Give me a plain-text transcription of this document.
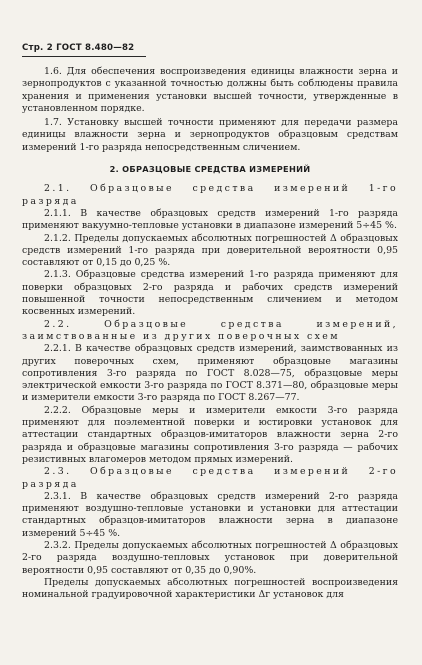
Стр. 2 ГОСТ 8.480—82

1.6. Для обеспечения воспроизведения единицы влажности зерна и зернопродуктов с указанной точностью должны быть соблюдены правила хранения и применения установки высшей точности, утвержденные в установленном порядке.

1.7. Установку высшей точности применяют для передачи размера единицы влажности зерна и зернопродуктов образцовым средствам измерений 1-го разряда непосредственным сличением.

2. ОБРАЗЦОВЫЕ СРЕДСТВА ИЗМЕРЕНИЙ

2.1. Образцовые средства измерений 1-го разряда

2.1.1. В качестве образцовых средств измерений 1-го разряда применяют вакуумно-тепловые установки в диапазоне измерений 5÷45 %.

2.1.2. Пределы допускаемых абсолютных погрешностей Δ образцовых средств измерений 1-го разряда при доверительной вероятности 0,95 составляют от 0,15 до 0,25 %.

2.1.3. Образцовые средства измерений 1-го разряда применяют для поверки образцовых 2-го разряда и рабочих средств измерений повышенной точности непосредственным сличением и методом косвенных измерений.

2.2. Образцовые средства измерений, заимствованные из других поверочных схем

2.2.1. В качестве образцовых средств измерений, заимствованных из других поверочных схем, применяют образцовые магазины сопротивления 3-го разряда по ГОСТ 8.028—75, образцовые меры электрической емкости 3-го разряда по ГОСТ 8.371—80, образцовые меры и измерители емкости 3-го разряда по ГОСТ 8.267—77.

2.2.2. Образцовые меры и измерители емкости 3-го разряда применяют для поэлементной поверки и юстировки установок для аттестации стандартных образцов-имитаторов влажности зерна 2-го разряда и образцовые магазины сопротивления 3-го разряда — рабочих резистивных влагомеров методом прямых измерений.

2.3. Образцовые средства измерений 2-го разряда

2.3.1. В качестве образцовых средств измерений 2-го разряда применяют воздушно-тепловые установки и установки для аттестации стандартных образцов-имитаторов влажности зерна в диапазоне измерений 5÷45 %.

2.3.2. Пределы допускаемых абсолютных погрешностей Δ образцовых 2-го разряда воздушно-тепловых установок при доверительной вероятности 0,95 составляют от 0,35 до 0,90%.

Пределы допускаемых абсолютных погрешностей воспроизведения номинальной градуировочной характеристики Δг установок для
